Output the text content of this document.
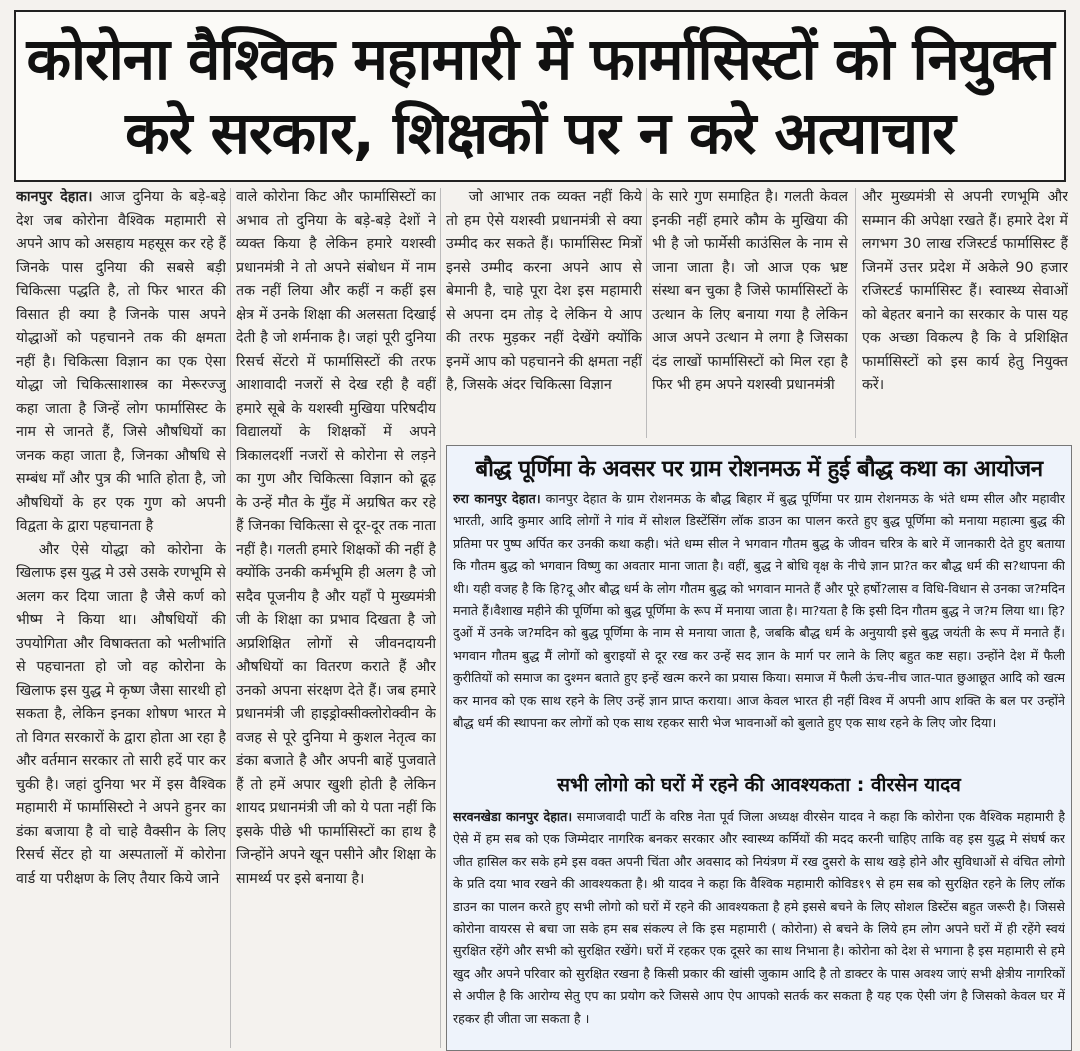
कोरोना वैश्विक महामारी में फार्मासिस्टों को नियुक्त
करे सरकार, शिक्षकों पर न करे अत्याचार

कानपुर देहात। आज दुनिया के बड़े-बड़े देश जब कोरोना वैश्विक महामारी से अपने आप को असहाय महसूस कर रहे हैं जिनके पास दुनिया की सबसे बड़ी चिकित्सा पद्धति है, तो फिर भारत की विसात ही क्या है जिनके पास अपने योद्धाओं को पहचानने तक की क्षमता नहीं है। चिकित्सा विज्ञान का एक ऐसा योद्धा जो चिकित्साशास्त्र का मेरूरज्जु कहा जाता है जिन्हें लोग फार्मासिस्ट के नाम से जानते हैं, जिसे औषधियों का जनक कहा जाता है, जिनका औषधि से सम्बंध माँ और पुत्र की भाति होता है, जो औषधियों के हर एक गुण को अपनी विद्वता के द्वारा पहचानता है

और ऐसे योद्धा को कोरोना के खिलाफ इस युद्ध मे उसे उसके रणभूमि से अलग कर दिया जाता है जैसे कर्ण को भीष्म ने किया था। औषधियों की उपयोगिता और विषाक्तता को भलीभांति से पहचानता हो जो वह कोरोना के खिलाफ इस युद्ध मे कृष्ण जैसा सारथी हो सकता है, लेकिन इनका शोषण भारत मे तो विगत सरकारों के द्वारा होता आ रहा है और वर्तमान सरकार तो सारी हदें पार कर चुकी है। जहां दुनिया भर में इस वैश्विक महामारी में फार्मासिस्टो ने अपने हुनर का डंका बजाया है वो चाहे वैक्सीन के लिए रिसर्च सेंटर हो या अस्पतालों में कोरोना वार्ड या परीक्षण के लिए तैयार किये जाने

वाले कोरोना किट और फार्मासिस्टों का अभाव तो दुनिया के बड़े-बड़े देशों ने व्यक्त किया है लेकिन हमारे यशस्वी प्रधानमंत्री ने तो अपने संबोधन में नाम तक नहीं लिया और कहीं न कहीं इस क्षेत्र में उनके शिक्षा की अलसता दिखाई देती है जो शर्मनाक है। जहां पूरी दुनिया रिसर्च सेंटरो में फार्मासिस्टों की तरफ आशावादी नजरों से देख रही है वहीं हमारे सूबे के यशस्वी मुखिया परिषदीय विद्यालयों के शिक्षकों में अपने त्रिकालदर्शी नजरों से कोरोना से लड़ने का गुण और चिकित्सा विज्ञान को ढूढ़ के उन्हें मौत के मुँह में अग्रषित कर रहे हैं जिनका चिकित्सा से दूर-दूर तक नाता नहीं है। गलती हमारे शिक्षकों की नहीं है क्योंकि उनकी कर्मभूमि ही अलग है जो सदैव पूजनीय है और यहाँ पे मुख्यमंत्री जी के शिक्षा का प्रभाव दिखता है जो अप्रशिक्षित लोगों से जीवनदायनी औषधियों का वितरण कराते हैं और उनको अपना संरक्षण देते हैं। जब हमारे प्रधानमंत्री जी हाइड्रोक्सीक्लोरोक्वीन के वजह से पूरे दुनिया मे कुशल नेतृत्व का डंका बजाते है और अपनी बाहें पुजवाते हैं तो हमें अपार खुशी होती है लेकिन शायद प्रधानमंत्री जी को ये पता नहीं कि इसके पीछे भी फार्मासिस्टों का हाथ है जिन्होंने अपने खून पसीने और शिक्षा के सामर्थ्य पर इसे बनाया है।

जो आभार तक व्यक्त नहीं किये तो हम ऐसे यशस्वी प्रधानमंत्री से क्या उम्मीद कर सकते हैं। फार्मासिस्ट मित्रों इनसे उम्मीद करना अपने आप से बेमानी है, चाहे पूरा देश इस महामारी से अपना दम तोड़ दे लेकिन ये आप की तरफ मुड़कर नहीं देखेंगे क्योंकि इनमें आप को पहचानने की क्षमता नहीं है, जिसके अंदर चिकित्सा विज्ञान

के सारे गुण समाहित है। गलती केवल इनकी नहीं हमारे कौम के मुखिया की भी है जो फार्मेसी काउंसिल के नाम से जाना जाता है। जो आज एक भ्रष्ट संस्था बन चुका है जिसे फार्मासिस्टों के उत्थान के लिए बनाया गया है लेकिन आज अपने उत्थान मे लगा है जिसका दंड लाखों फार्मासिस्टों को मिल रहा है फिर भी हम अपने यशस्वी प्रधानमंत्री

और मुख्यमंत्री से अपनी रणभूमि और सम्मान की अपेक्षा रखते हैं। हमारे देश में लगभग 30 लाख रजिस्टर्ड फार्मासिस्ट हैं जिनमें उत्तर प्रदेश में अकेले 90 हजार रजिस्टर्ड फार्मासिस्ट हैं। स्वास्थ्य सेवाओं को बेहतर बनाने का सरकार के पास यह एक अच्छा विकल्प है कि वे प्रशिक्षित फार्मासिस्टों को इस कार्य हेतु नियुक्त करें।

बौद्ध पूर्णिमा के अवसर पर ग्राम रोशनमऊ में हुई बौद्ध कथा का आयोजन

रुरा कानपुर देहात। कानपुर देहात के ग्राम रोशनमऊ के बौद्ध बिहार में बुद्ध पूर्णिमा पर ग्राम रोशनमऊ के भंते धम्म सील और महावीर भारती, आदि कुमार आदि लोगों ने गांव में सोशल डिस्टेंसिंग लॉक डाउन का पालन करते हुए बुद्ध पूर्णिमा को मनाया महात्मा बुद्ध की प्रतिमा पर पुष्प अर्पित कर उनकी कथा कही। भंते धम्म सील ने भगवान गौतम बुद्ध के जीवन चरित्र के बारे में जानकारी देते हुए बताया कि गौतम बुद्ध को भगवान विष्णु का अवतार माना जाता है। वहीं, बुद्ध ने बोधि वृक्ष के नीचे ज्ञान प्रा?त कर बौद्ध धर्म की स?थापना की थी। यही वजह है कि हि?दू और बौद्ध धर्म के लोग गौतम बुद्ध को भगवान मानते हैं और पूरे हर्षो?लास व विधि-विधान से उनका ज?मदिन मनाते हैं।वैशाख महीने की पूर्णिमा को बुद्ध पूर्णिमा के रूप में मनाया जाता है। मा?यता है कि इसी दिन गौतम बुद्ध ने ज?म लिया था। हि?दुओं में उनके ज?मदिन को बुद्ध पूर्णिमा के नाम से मनाया जाता है, जबकि बौद्ध धर्म के अनुयायी इसे बुद्ध जयंती के रूप में मनाते हैं। भगवान गौतम बुद्ध मैं लोगों को बुराइयों से दूर रख कर उन्हें सद ज्ञान के मार्ग पर लाने के लिए बहुत कष्ट सहा। उन्होंने देश में फैली कुरीतियों को समाज का दुश्मन बताते हुए इन्हें खत्म करने का प्रयास किया। समाज में फैली ऊंच-नीच जात-पात छुआछूत आदि को खत्म कर मानव को एक साथ रहने के लिए उन्हें ज्ञान प्राप्त कराया। आज केवल भारत ही नहीं विश्व में अपनी आप शक्ति के बल पर उन्होंने बौद्ध धर्म की स्थापना कर लोगों को एक साथ रहकर सारी भेज भावनाओं को बुलाते हुए एक साथ रहने के लिए जोर दिया।

सभी लोगो को घरों में रहने की आवश्यकता : वीरसेन यादव

सरवनखेडा कानपुर देहात। समाजवादी पार्टी के वरिष्ठ नेता पूर्व जिला अध्यक्ष वीरसेन यादव ने कहा कि कोरोना एक वैश्विक महामारी है ऐसे में हम सब को एक जिम्मेदार नागरिक बनकर सरकार और स्वास्थ्य कर्मियों की मदद करनी चाहिए ताकि वह इस युद्ध मे संघर्ष कर जीत हासिल कर सके हमे इस वक्त अपनी चिंता और अवसाद को नियंत्रण में रख दुसरो के साथ खड़े होने और सुविधाओं से वंचित लोगो के प्रति दया भाव रखने की आवश्यकता है। श्री यादव ने कहा कि वैश्विक महामारी कोविड१९ से हम सब को सुरक्षित रहने के लिए लॉक डाउन का पालन करते हुए सभी लोगो को घरों में रहने की आवश्यकता है हमे इससे बचने के लिए सोशल डिस्टेंस बहुत जरूरी है। जिससे कोरोना वायरस से बचा जा सके हम सब संकल्प ले कि इस महामारी ( कोरोना) से बचने के लिये हम लोग अपने घरों में ही रहेंगे स्वयं सुरक्षित रहेंगे और सभी को सुरक्षित रखेंगे। घरों में रहकर एक दूसरे का साथ निभाना है। कोरोना को देश से भगाना है इस महामारी से हमे खुद और अपने परिवार को सुरक्षित रखना है किसी प्रकार की खांसी जुकाम आदि है तो डाक्टर के पास अवश्य जाएं सभी क्षेत्रीय नागरिकों से अपील है कि आरोग्य सेतु एप का प्रयोग करे जिससे आप ऐप आपको सतर्क कर सकता है यह एक ऐसी जंग है जिसको केवल घर में रहकर ही जीता जा सकता है ।
